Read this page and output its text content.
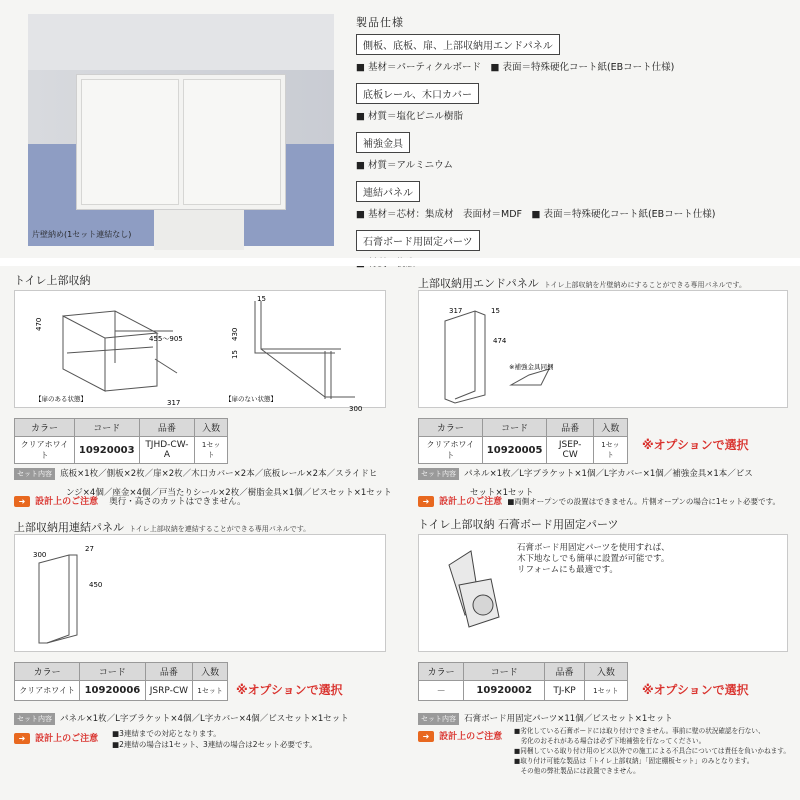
片壁納め(1セット連結なし)
製品仕様
側板、底板、扉、上部収納用エンドパネル
■ 基材＝パーティクルボード　■ 表面＝特殊硬化コート紙(EBコート仕様)
底板レール、木口カバー
■ 材質＝塩化ビニル樹脂
補強金具
■ 材質＝アルミニウム
連結パネル
■ 基材＝芯材：集成材　表面材＝MDF　■ 表面＝特殊硬化コート紙(EBコート仕様)
石膏ボード用固定パーツ
トイレ上部収納
470
455～905
317
【扉のある状態】
15
430
15
300
【扉のない状態】
カラー	コード	品番	入数
クリアホワイト	10920003	TJHD-CW-A	1セット
セット内容 底板×1枚／側板×2枚／扉×2枚／木口カバー×2本／底板レール×2本／スライドヒ
ンジ×4個／座金×4個／戸当たりシール×2枚／樹脂金具×1個／ビスセット×1セット
➜ 設計上のご注意 奥行・高さのカットはできません。
上部収納用エンドパネル トイレ上部収納を片壁納めにすることができる専用パネルです。
317	15
474
※補強金具同梱
カラー	コード	品番	入数
クリアホワイト	10920005	JSEP-CW	1セット
※オプションで選択
セット内容 パネル×1枚／L字ブラケット×1個／L字カバー×1個／補強金具×1本／ビス
セット×1セット
➜ 設計上のご注意 ■両側オープンでの設置はできません。片側オープンの場合に1セット必要です。
上部収納用連結パネル トイレ上部収納を連結することができる専用パネルです。
300
27
450
カラー	コード	品番	入数
クリアホワイト	10920006	JSRP-CW	1セット ※オプションで選択
セット内容 パネル×1枚／L字ブラケット×4個／L字カバー×4個／ビスセット×1セット
➜ 設計上のご注意
■3連結までの対応となります。
■2連結の場合は1セット、3連結の場合は2セット必要です。
トイレ上部収納 石膏ボード用固定パーツ
石膏ボード用固定パーツを使用すれば、
木下地なしでも簡単に設置が可能です。
リフォームにも最適です。
カラー	コード	品番	入数
－	10920002	TJ-KP	1セット ※オプションで選択
セット内容 石膏ボード用固定パーツ×11個／ビスセット×1セット
➜ 設計上のご注意
■劣化している石膏ボードには取り付けできません。事前に壁の状況確認を行ない、
　劣化のおそれがある場合は必ず下地補強を行なってください。
■同梱している取り付け用のビス以外での施工による不具合については責任を負いかねます。
■取り付け可能な製品は「トイレ上部収納」「固定棚板セット」のみとなります。
　その他の弊社製品には設置できません。
